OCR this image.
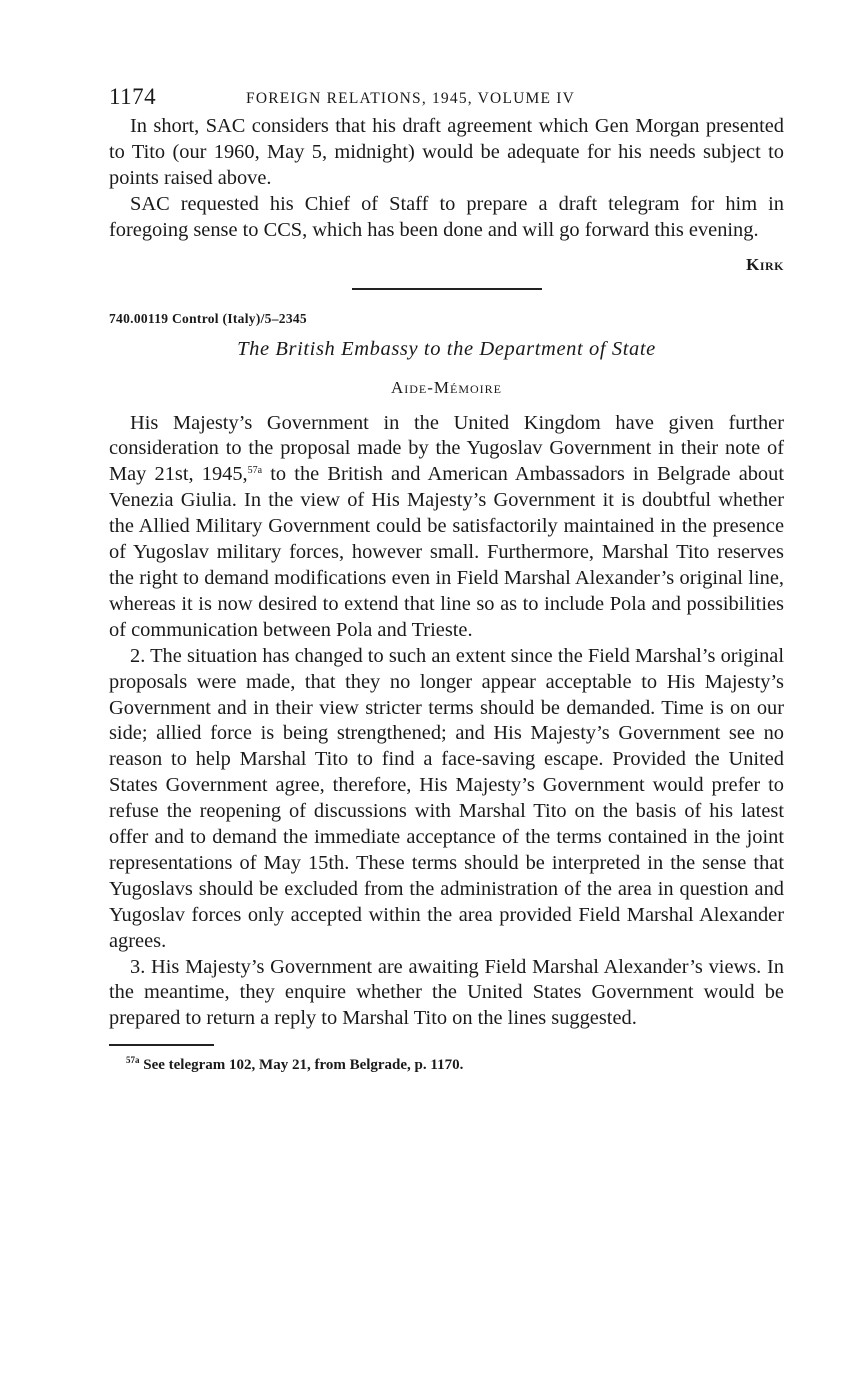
1174	FOREIGN RELATIONS, 1945, VOLUME IV

In short, SAC considers that his draft agreement which Gen Morgan presented to Tito (our 1960, May 5, midnight) would be adequate for his needs subject to points raised above.

SAC requested his Chief of Staff to prepare a draft telegram for him in foregoing sense to CCS, which has been done and will go forward this evening.

Kirk
740.00119 Control (Italy)/5–2345
The British Embassy to the Department of State
Aide-Mémoire

His Majesty’s Government in the United Kingdom have given further consideration to the proposal made by the Yugoslav Government in their note of May 21st, 1945,$^{57a}$ to the British and American Ambassadors in Belgrade about Venezia Giulia. In the view of His Majesty’s Government it is doubtful whether the Allied Military Government could be satisfactorily maintained in the presence of Yugoslav military forces, however small. Furthermore, Marshal Tito reserves the right to demand modifications even in Field Marshal Alexander’s original line, whereas it is now desired to extend that line so as to include Pola and possibilities of communication between Pola and Trieste.

2. The situation has changed to such an extent since the Field Marshal’s original proposals were made, that they no longer appear acceptable to His Majesty’s Government and in their view stricter terms should be demanded. Time is on our side; allied force is being strengthened; and His Majesty’s Government see no reason to help Marshal Tito to find a face-saving escape. Provided the United States Government agree, therefore, His Majesty’s Government would prefer to refuse the reopening of discussions with Marshal Tito on the basis of his latest offer and to demand the immediate acceptance of the terms contained in the joint representations of May 15th. These terms should be interpreted in the sense that Yugoslavs should be excluded from the administration of the area in question and Yugoslav forces only accepted within the area provided Field Marshal Alexander agrees.

3. His Majesty’s Government are awaiting Field Marshal Alexander’s views. In the meantime, they enquire whether the United States Government would be prepared to return a reply to Marshal Tito on the lines suggested.

$^{57a}$ See telegram 102, May 21, from Belgrade, p. 1170.
